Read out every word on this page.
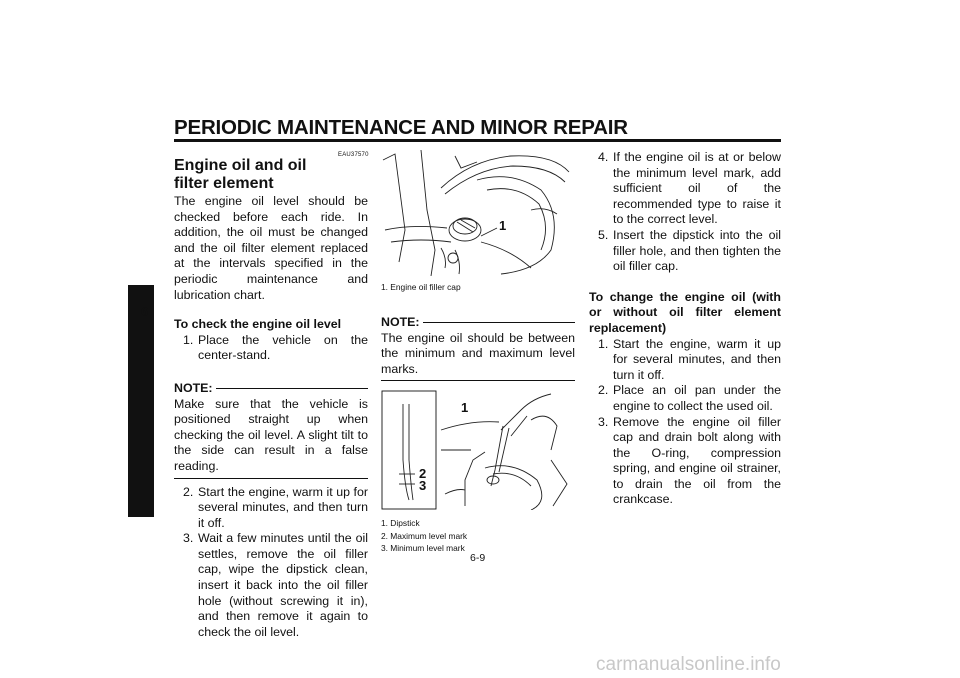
PERIODIC MAINTENANCE AND MINOR REPAIR
6
EAU37570
Engine oil and oil filter element

The engine oil level should be checked before each ride. In addition, the oil must be changed and the oil filter element replaced at the intervals specified in the periodic maintenance and lubrication chart.

To check the engine oil level
1. Place the vehicle on the center-stand.
NOTE:

Make sure that the vehicle is positioned straight up when checking the oil level. A slight tilt to the side can result in a false reading.

2. Start the engine, warm it up for several minutes, and then turn it off.
3. Wait a few minutes until the oil settles, remove the oil filler cap, wipe the dipstick clean, insert it back into the oil filler hole (without screwing it in), and then remove it again to check the oil level.
1
1. Engine oil filler cap
NOTE:

The engine oil should be between the minimum and maximum level marks.

1
2
3
1. Dipstick
2. Maximum level mark
3. Minimum level mark
4. If the engine oil is at or below the minimum level mark, add sufficient oil of the recommended type to raise it to the correct level.
5. Insert the dipstick into the oil filler hole, and then tighten the oil filler cap.
To change the engine oil (with or without oil filter element replacement)
1. Start the engine, warm it up for several minutes, and then turn it off.
2. Place an oil pan under the engine to collect the used oil.
3. Remove the engine oil filler cap and drain bolt along with the O-ring, compression spring, and engine oil strainer, to drain the oil from the crankcase.
6-9
carmanualsonline.info
